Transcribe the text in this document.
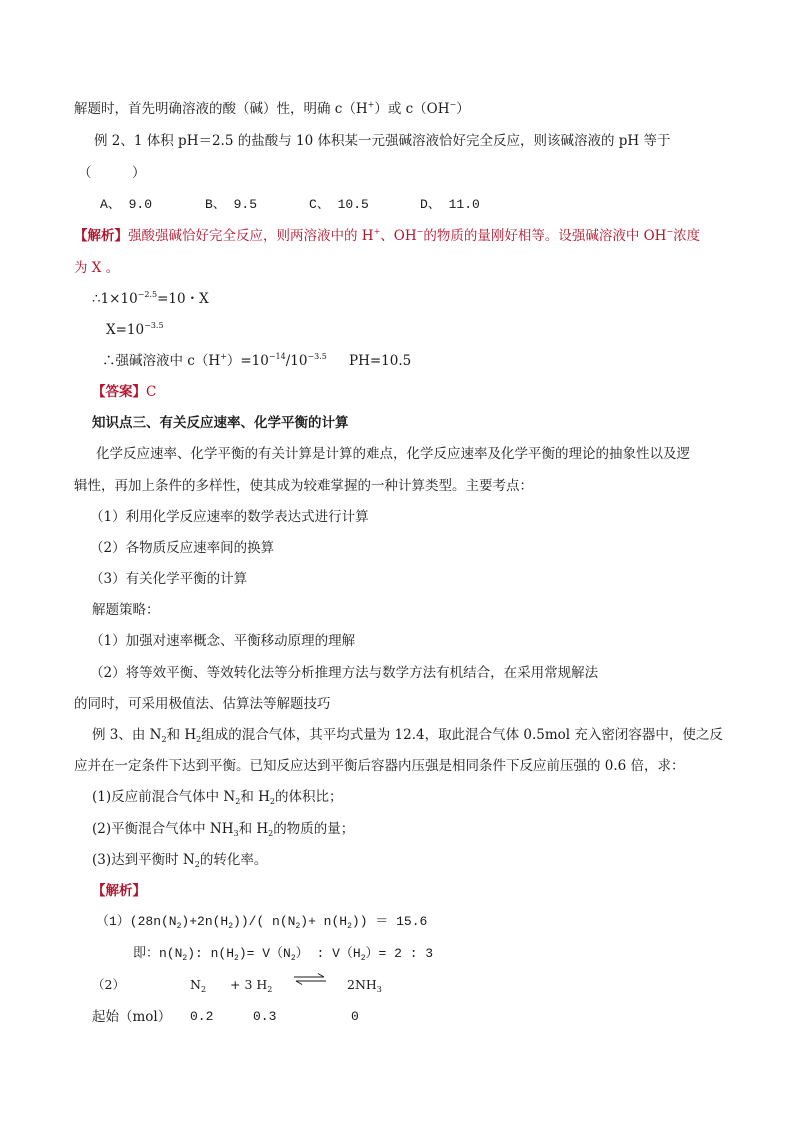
解题时，首先明确溶液的酸（碱）性，明确 c（H+）或 c（OH−）
例 2、1 体积 pH＝2.5 的盐酸与 10 体积某一元强碱溶液恰好完全反应，则该碱溶液的 pH 等于
（　　　）
A、 9.0	B、 9.5	C、 10.5	D、 11.0
【解析】强酸强碱恰好完全反应，则两溶液中的 H+、OH−的物质的量刚好相等。设强碱溶液中 OH−浓度
为 X 。
$\therefore 1\times 10^{-2.5}=10$・X
$X=10^{-3.5}$
∴强碱溶液中 $c(H^+)=10^{-14}/10^{-3.5}$ PH=10.5
【答案】C
知识点三、有关反应速率、化学平衡的计算
化学反应速率、化学平衡的有关计算是计算的难点，化学反应速率及化学平衡的理论的抽象性以及逻
辑性，再加上条件的多样性，使其成为较难掌握的一种计算类型。主要考点：
（1）利用化学反应速率的数学表达式进行计算
（2）各物质反应速率间的换算
（3）有关化学平衡的计算
解题策略：
（1）加强对速率概念、平衡移动原理的理解
（2）将等效平衡、等效转化法等分析推理方法与数学方法有机结合，在采用常规解法
的同时，可采用极值法、估算法等解题技巧
例 3、由 $N_2$和 $H_2$组成的混合气体，其平均式量为 12.4，取此混合气体 0.5mol 充入密闭容器中，使之反
应并在一定条件下达到平衡。已知反应达到平衡后容器内压强是相同条件下反应前压强的 0.6 倍，求：
(1)反应前混合气体中 $N_2$和 $H_2$的体积比；
(2)平衡混合气体中 $NH_3$和 $H_2$的物质的量；
(3)达到平衡时 $N_2$的转化率。
【解析】
$(1)(28n(N_2)+2n(H_2))/$( $n(N_2)+ n(H_2)) = 15.6$
即：$n(N_2)$: $n(H_2)= V(N_2)$ : $V(H_2)= 2$ : 3
（2）	$N_2 + 3$ $H_2$ ⇌ $2NH_3$
起始（mol） 0.2	0.3	0
